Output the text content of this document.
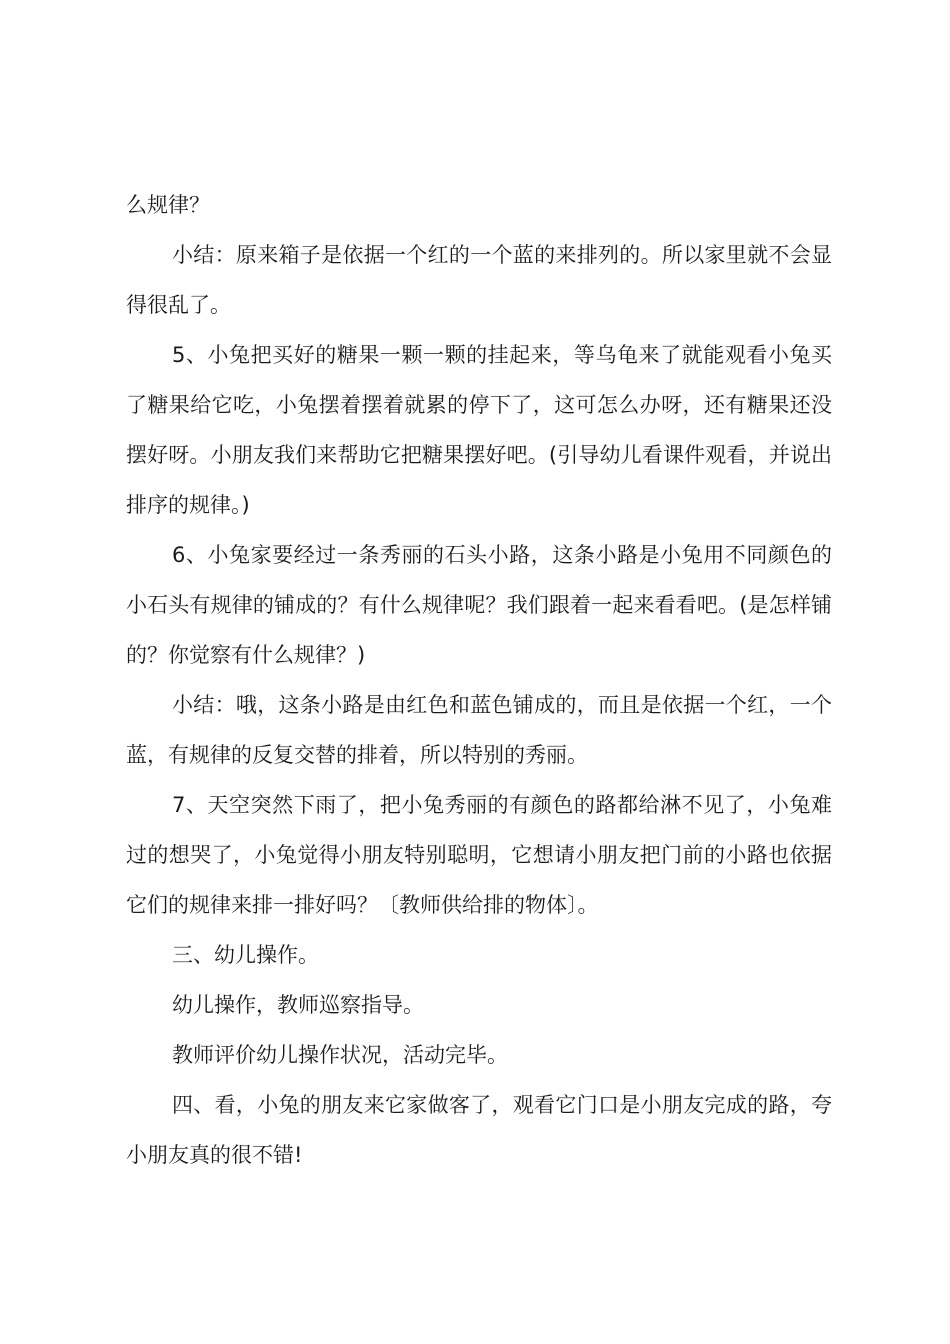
么规律？

小结：原来箱子是依据一个红的一个蓝的来排列的。所以家里就不会显得很乱了。

5、小兔把买好的糖果一颗一颗的挂起来，等乌龟来了就能观看小兔买了糖果给它吃，小兔摆着摆着就累的停下了，这可怎么办呀，还有糖果还没摆好呀。小朋友我们来帮助它把糖果摆好吧。(引导幼儿看课件观看，并说出排序的规律。)

6、小兔家要经过一条秀丽的石头小路，这条小路是小兔用不同颜色的小石头有规律的铺成的？有什么规律呢？我们跟着一起来看看吧。(是怎样铺的？你觉察有什么规律？)

小结：哦，这条小路是由红色和蓝色铺成的，而且是依据一个红，一个蓝，有规律的反复交替的排着，所以特别的秀丽。

7、天空突然下雨了，把小兔秀丽的有颜色的路都给淋不见了，小兔难过的想哭了，小兔觉得小朋友特别聪明，它想请小朋友把门前的小路也依据它们的规律来排一排好吗？〔教师供给排的物体〕。

三、幼儿操作。

幼儿操作，教师巡察指导。

教师评价幼儿操作状况，活动完毕。

四、看，小兔的朋友来它家做客了，观看它门口是小朋友完成的路，夸小朋友真的很不错!
